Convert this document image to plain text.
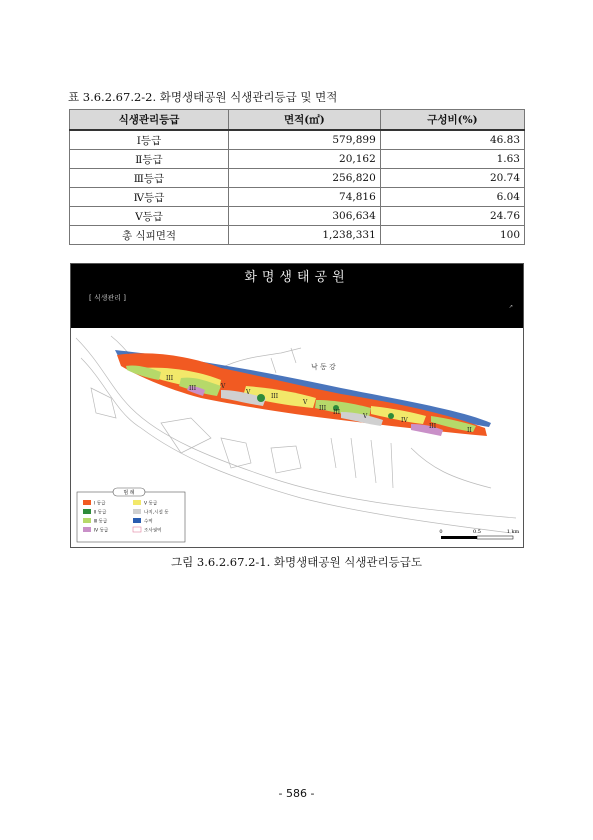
표 3.6.2.67.2-2. 화명생태공원 식생관리등급 및 면적
식생관리등급	면적(㎡)	구성비(%)
Ⅰ등급	579,899	46.83
Ⅱ등급	20,162	1.63
Ⅲ등급	256,820	20.74
Ⅳ등급	74,816	6.04
Ⅴ등급	306,634	24.76
총 식피면적	1,238,331	100
화명생태공원
[ 식생관리 ]
↗
III
III	V
V
III
V
III
III
V
IV
III
II
낙 동 강
범 례
Ⅰ 등급	Ⅴ 등급
Ⅱ 등급	나지,시설 등
Ⅲ 등급	수역
Ⅳ 등급	조사권역	0	0.5	1 km
그림 3.6.2.67.2-1. 화명생태공원 식생관리등급도
- 586 -
